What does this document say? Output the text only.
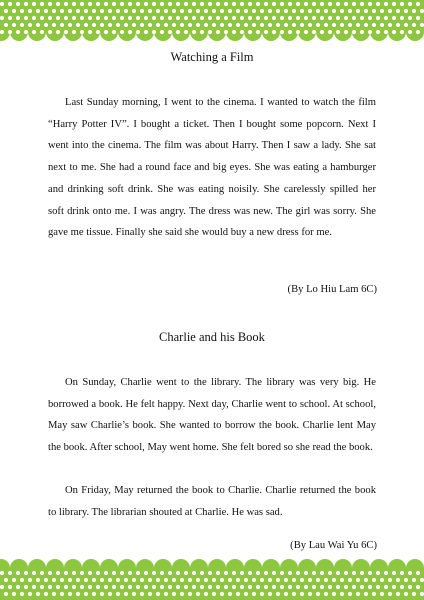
Watching a Film

Last Sunday morning, I went to the cinema. I wanted to watch the film “Harry Potter IV”. I bought a ticket. Then I bought some popcorn. Next I went into the cinema. The film was about Harry. Then I saw a lady. She sat next to me. She had a round face and big eyes. She was eating a hamburger and drinking soft drink. She was eating noisily. She carelessly spilled her soft drink onto me. I was angry. The dress was new. The girl was sorry. She gave me tissue. Finally she said she would buy a new dress for me.

(By Lo Hiu Lam 6C)

Charlie and his Book

On Sunday, Charlie went to the library. The library was very big. He borrowed a book. He felt happy. Next day, Charlie went to school. At school, May saw Charlie’s book. She wanted to borrow the book. Charlie lent May the book. After school, May went home. She felt bored so she read the book.

On Friday, May returned the book to Charlie. Charlie returned the book to library. The librarian shouted at Charlie. He was sad.

(By Lau Wai Yu 6C)
